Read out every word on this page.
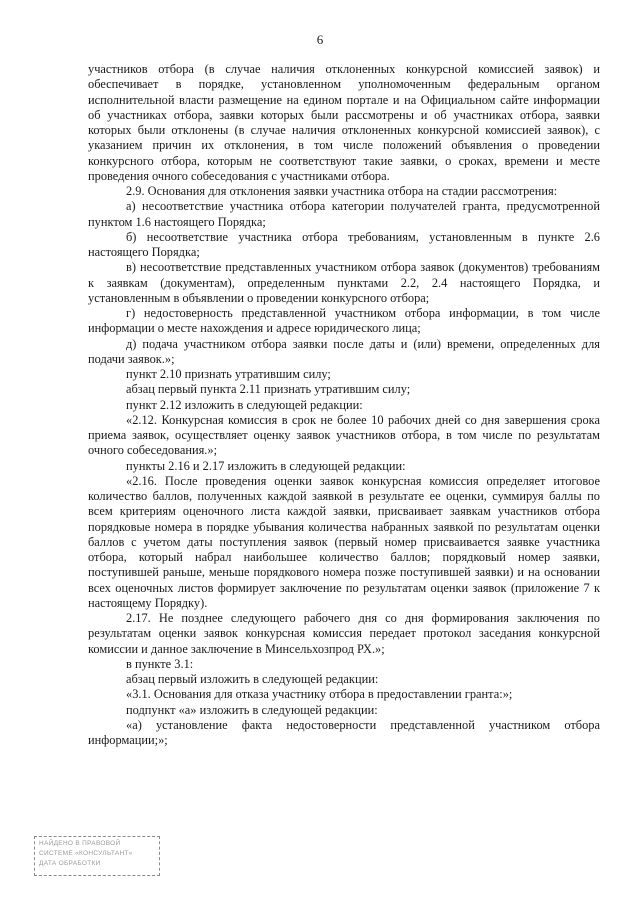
6

участников отбора (в случае наличия отклоненных конкурсной комиссией заявок) и обеспечивает в порядке, установленном уполномоченным федеральным органом исполнительной власти размещение на едином портале и на Официальном сайте информации об участниках отбора, заявки которых были рассмотрены и об участниках отбора, заявки которых были отклонены (в случае наличия отклоненных конкурсной комиссией заявок), с указанием причин их отклонения, в том числе положений объявления о проведении конкурсного отбора, которым не соответствуют такие заявки, о сроках, времени и месте проведения очного собеседования с участниками отбора.

2.9. Основания для отклонения заявки участника отбора на стадии рассмотрения:

а) несоответствие участника отбора категории получателей гранта, предусмотренной пунктом 1.6 настоящего Порядка;

б) несоответствие участника отбора требованиям, установленным в пункте 2.6 настоящего Порядка;

в) несоответствие представленных участником отбора заявок (документов) требованиям к заявкам (документам), определенным пунктами 2.2, 2.4 настоящего Порядка, и установленным в объявлении о проведении конкурсного отбора;

г) недостоверность представленной участником отбора информации, в том числе информации о месте нахождения и адресе юридического лица;

д) подача участником отбора заявки после даты и (или) времени, определенных для подачи заявок.»;

пункт 2.10 признать утратившим силу;

абзац первый пункта 2.11 признать утратившим силу;

пункт 2.12 изложить в следующей редакции:

«2.12. Конкурсная комиссия в срок не более 10 рабочих дней со дня завершения срока приема заявок, осуществляет оценку заявок участников отбора, в том числе по результатам очного собеседования.»;

пункты 2.16 и 2.17 изложить в следующей редакции:

«2.16. После проведения оценки заявок конкурсная комиссия определяет итоговое количество баллов, полученных каждой заявкой в результате ее оценки, суммируя баллы по всем критериям оценочного листа каждой заявки, присваивает заявкам участников отбора порядковые номера в порядке убывания количества набранных заявкой по результатам оценки баллов с учетом даты поступления заявок (первый номер присваивается заявке участника отбора, который набрал наибольшее количество баллов; порядковый номер заявки, поступившей раньше, меньше порядкового номера позже поступившей заявки) и на основании всех оценочных листов формирует заключение по результатам оценки заявок (приложение 7 к настоящему Порядку).

2.17. Не позднее следующего рабочего дня со дня формирования заключения по результатам оценки заявок конкурсная комиссия передает протокол заседания конкурсной комиссии и данное заключение в Минсельхозпрод РХ.»;

в пункте 3.1:

абзац первый изложить в следующей редакции:

«3.1. Основания для отказа участнику отбора в предоставлении гранта:»;

подпункт «а» изложить в следующей редакции:

«а) установление факта недостоверности представленной участником отбора информации;»;

НАЙДЕНО В ПРАВОВОЙ
СИСТЕМЕ «КОНСУЛЬТАНТ»
ДАТА ОБРАБОТКИ
